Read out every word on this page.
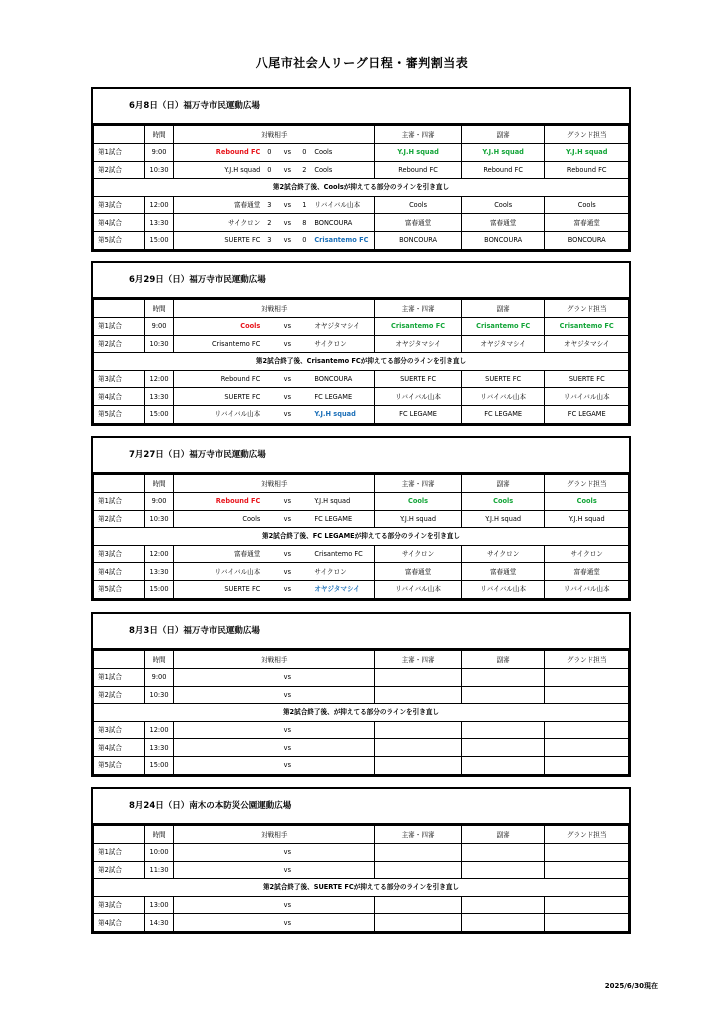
八尾市社会人リーグ日程・審判割当表
6月8日（日）福万寺市民運動広場
	時間	対戦相手	主審・四審	副審	グランド担当
第1試合	9:00	Rebound FC 0 vs 0 Cools	Y.J.H squad	Y.J.H squad	Y.J.H squad
第2試合	10:30	Y.J.H squad 0 vs 2 Cools	Rebound FC	Rebound FC	Rebound FC
第2試合終了後、Coolsが抑えてる部分のラインを引き直し					
第3試合	12:00	富春通堂 3 vs 1 リバイバル山本	Cools	Cools	Cools
第4試合	13:30	サイクロン 2 vs 8 BONCOURA	富春通堂	富春通堂	富春通堂
第5試合	15:00	SUERTE FC 3 vs 0 Crisantemo FC	BONCOURA	BONCOURA	BONCOURA
6月29日（日）福万寺市民運動広場
	時間	対戦相手	主審・四審	副審	グランド担当
第1試合	9:00	Cools vs オヤジタマシイ	Crisantemo FC	Crisantemo FC	Crisantemo FC
第2試合	10:30	Crisantemo FC vs サイクロン	オヤジタマシイ	オヤジタマシイ	オヤジタマシイ
第2試合終了後、Crisantemo FCが抑えてる部分のラインを引き直し					
第3試合	12:00	Rebound FC vs BONCOURA	SUERTE FC	SUERTE FC	SUERTE FC
第4試合	13:30	SUERTE FC vs FC LEGAME	リバイバル山本	リバイバル山本	リバイバル山本
第5試合	15:00	リバイバル山本 vs Y.J.H squad	FC LEGAME	FC LEGAME	FC LEGAME
7月27日（日）福万寺市民運動広場
	時間	対戦相手	主審・四審	副審	グランド担当
第1試合	9:00	Rebound FC vs Y.J.H squad	Cools	Cools	Cools
第2試合	10:30	Cools vs FC LEGAME	Y.J.H squad	Y.J.H squad	Y.J.H squad
第2試合終了後、FC LEGAMEが抑えてる部分のラインを引き直し					
第3試合	12:00	富春通堂 vs Crisantemo FC	サイクロン	サイクロン	サイクロン
第4試合	13:30	リバイバル山本 vs サイクロン	富春通堂	富春通堂	富春通堂
第5試合	15:00	SUERTE FC vs オヤジタマシイ	リバイバル山本	リバイバル山本	リバイバル山本
8月3日（日）福万寺市民運動広場
	時間	対戦相手	主審・四審	副審	グランド担当
第1試合	9:00	vs			

第2試合	10:30	vs			

第2試合終了後、が抑えてる部分のラインを引き直し					
第3試合	12:00	vs			

第4試合	13:30	vs			

第5試合	15:00	vs			

8月24日（日）南木の本防災公園運動広場
	時間	対戦相手	主審・四審	副審	グランド担当
第1試合	10:00	vs			

第2試合	11:30	vs			

第2試合終了後、SUERTE FCが抑えてる部分のラインを引き直し					
第3試合	13:00	vs			

第4試合	14:30	vs			

2025/6/30現在
